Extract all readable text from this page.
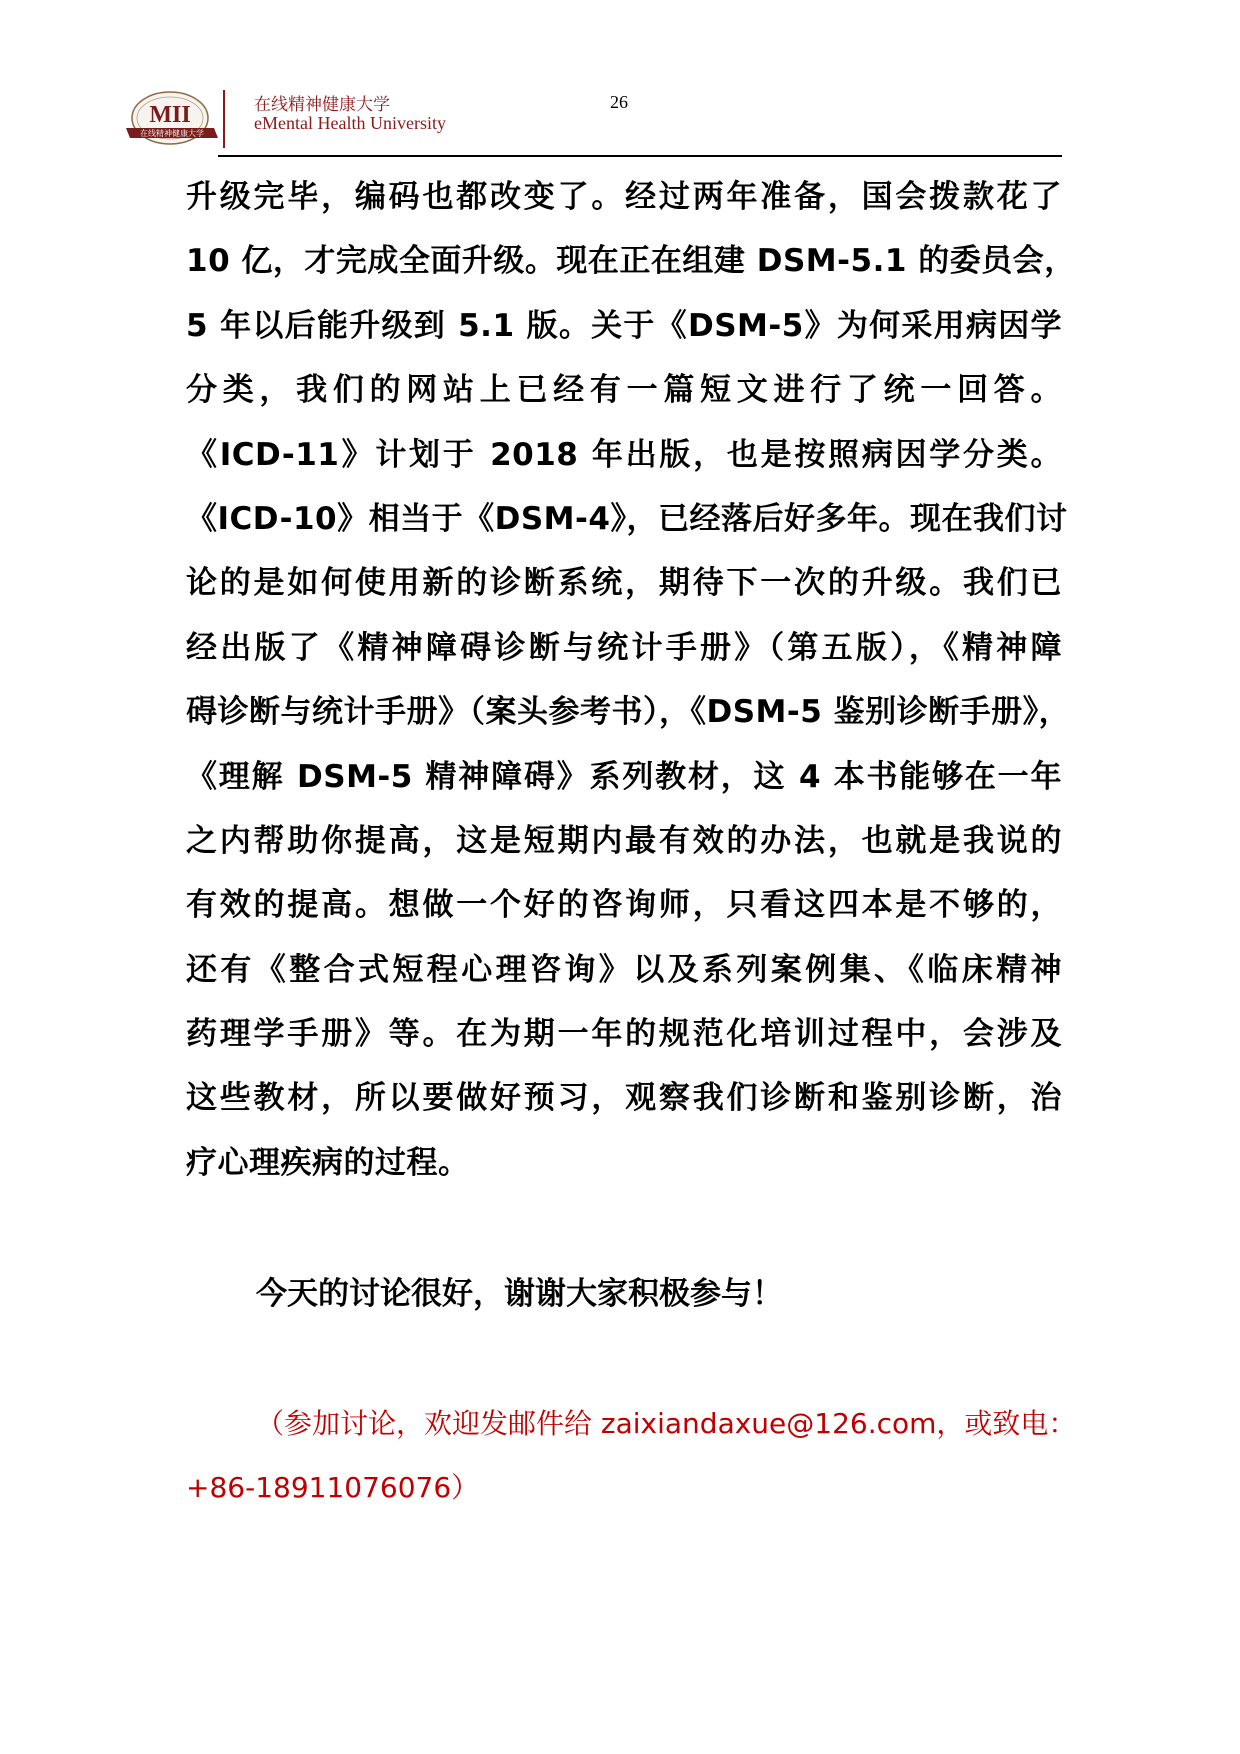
MII
在线精神健康大学
在线精神健康大学
eMental Health University
26
升级完毕，编码也都改变了。经过两年准备，国会拨款花了
10 亿，才完成全面升级。现在正在组建 DSM-5.1 的委员会，
5 年以后能升级到 5.1 版。关于《DSM-5》为何采用病因学
分类，我们的网站上已经有一篇短文进行了统一回答。
《ICD-11》计划于 2018 年出版，也是按照病因学分类。
《ICD-10》相当于《DSM-4》，已经落后好多年。现在我们讨
论的是如何使用新的诊断系统，期待下一次的升级。我们已
经出版了《精神障碍诊断与统计手册》（第五版），《精神障
碍诊断与统计手册》（案头参考书），《DSM-5 鉴别诊断手册》，
《理解 DSM-5 精神障碍》系列教材，这 4 本书能够在一年
之内帮助你提高，这是短期内最有效的办法，也就是我说的
有效的提高。想做一个好的咨询师，只看这四本是不够的，
还有《整合式短程心理咨询》以及系列案例集、《临床精神
药理学手册》等。在为期一年的规范化培训过程中，会涉及
这些教材，所以要做好预习，观察我们诊断和鉴别诊断，治
疗心理疾病的过程。
今天的讨论很好，谢谢大家积极参与！
（参加讨论，欢迎发邮件给 zaixiandaxue@126.com，或致电：
+86-18911076076）
